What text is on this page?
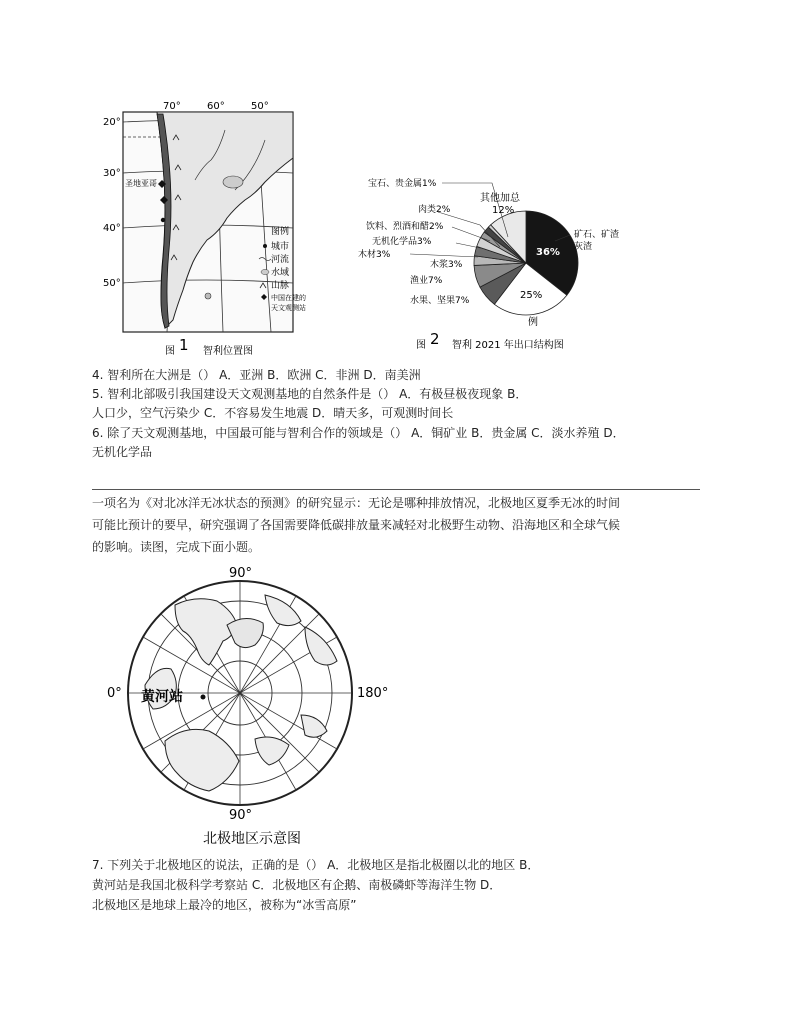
70°	60°	50°
20°
30°
40°
50°
圣地亚哥
图例
城市
河流
水域
山脉
中国在建的
天文观测站
图 1 智利位置图
宝石、贵金属1%
其他加总
12%
肉类2%
饮料、烈酒和醋2%
无机化学品3%
木材3%
木浆3%
渔业7%
水果、坚果7%	25%
36%
矿石、矿渣
灰渣
例
图 2 智利 2021 年出口结构图
4. 智利所在大洲是（） A．亚洲 B．欧洲 C．非洲 D．南美洲
5. 智利北部吸引我国建设天文观测基地的自然条件是（） A．有极昼极夜现象 B．
人口少，空气污染少 C．不容易发生地震 D．晴天多，可观测时间长
6. 除了天文观测基地，中国最可能与智利合作的领域是（） A．铜矿业 B．贵金属 C．淡水养殖 D．
无机化学品
一项名为《对北冰洋无冰状态的预测》的研究显示：无论是哪种排放情况，北极地区夏季无冰的时间
可能比预计的要早，研究强调了各国需要降低碳排放量来减轻对北极野生动物、沿海地区和全球气候
的影响。读图，完成下面小题。
90°
90°
0°	180°
黄河站
北极地区示意图
7. 下列关于北极地区的说法，正确的是（） A．北极地区是指北极圈以北的地区 B．
黄河站是我国北极科学考察站 C．北极地区有企鹅、南极磷虾等海洋生物 D．
北极地区是地球上最冷的地区，被称为“冰雪高原”
